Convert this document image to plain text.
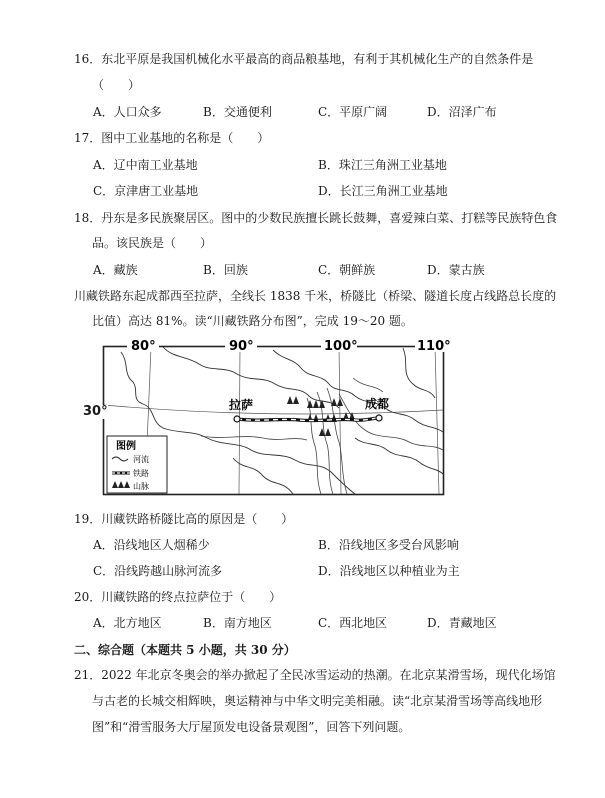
16．东北平原是我国机械化水平最高的商品粮基地，有利于其机械化生产的自然条件是
（　　）
A．人口众多	B．交通便利	C．平原广阔	D．沼泽广布
17．图中工业基地的名称是（　　）
A．辽中南工业基地	B．珠江三角洲工业基地
C．京津唐工业基地	D．长江三角洲工业基地
18．丹东是多民族聚居区。图中的少数民族擅长跳长鼓舞，喜爱辣白菜、打糕等民族特色食
品。该民族是（　　）
A．藏族	B．回族	C．朝鲜族	D．蒙古族
川藏铁路东起成都西至拉萨，全线长 1838 千米，桥隧比（桥梁、隧道长度占线路总长度的
比值）高达 81%。读“川藏铁路分布图”，完成 19～20 题。
80°	90°	100°	110°
拉萨	成都
图例
河流
铁路
山脉
30°
19．川藏铁路桥隧比高的原因是（　　）
A．沿线地区人烟稀少	B．沿线地区多受台风影响
C．沿线跨越山脉河流多	D．沿线地区以种植业为主
20．川藏铁路的终点拉萨位于（　　）
A．北方地区	B．南方地区	C．西北地区	D．青藏地区
二、综合题（本题共 5 小题，共 30 分）
21．2022 年北京冬奥会的举办掀起了全民冰雪运动的热潮。在北京某滑雪场，现代化场馆
与古老的长城交相辉映，奥运精神与中华文明完美相融。读“北京某滑雪场等高线地形
图”和“滑雪服务大厅屋顶发电设备景观图”，回答下列问题。
